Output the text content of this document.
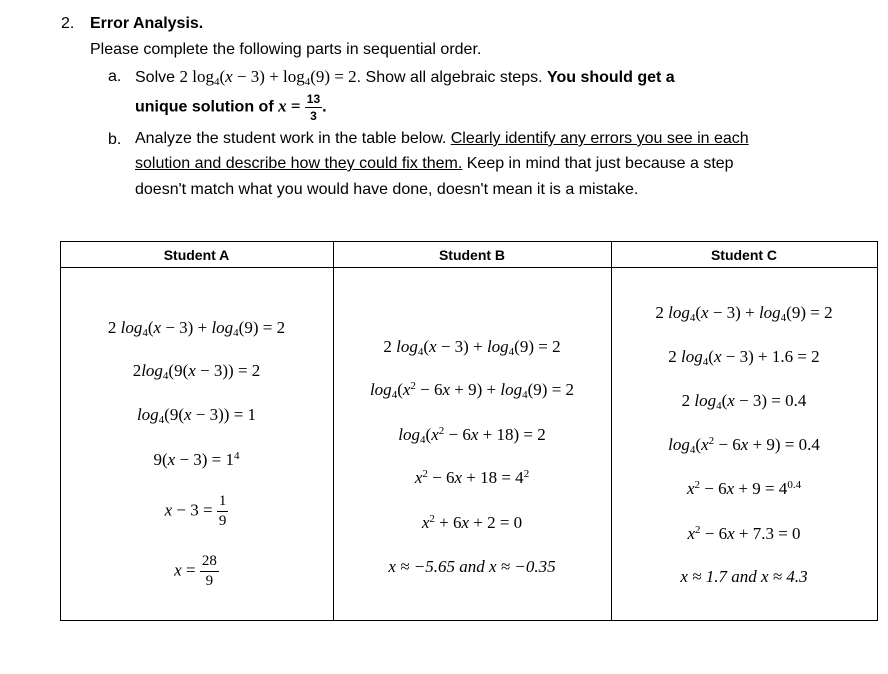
2. Error Analysis.
Please complete the following parts in sequential order.
a. Solve 2 $\log_4(x - 3) + \log_4(9) = 2$. Show all algebraic steps. You should get a
unique solution of $x = \frac{13}{3}$ .
b. Analyze the student work in the table below. Clearly identify any errors you see in each
solution and describe how they could fix them. Keep in mind that just because a step
doesn't match what you would have done, doesn't mean it is a mistake.
Student A	Student B	Student C
2 $\log_4(x - 3) + \log_4(9) = 2$
$2\log_4(9(x - 3)) = 2$
$\log_4(9(x - 3)) = 1$
$9(x - 3) = 1^4$
$x - 3 = \frac{1}{9}$
$x = \frac{28}{9}$
2 $\log_4(x - 3) + \log_4(9) = 2$
$\log_4(x^2 - 6x + 9) + \log_4(9) = 2$
$\log_4(x^2 - 6x + 18) = 2$
$x^2 - 6x + 18 = 4^2$
$x^2 + 6x + 2 = 0$
x ≈ −5.65 and x ≈ −0.35
2 $\log_4(x - 3) + \log_4(9) = 2$
2 $\log_4(x - 3) + 1.6 = 2$
2 $\log_4(x - 3) = 0.4$
$\log_4(x^2 - 6x + 9) = 0.4$
$x^2 - 6x + 9 = 4^{0.4}$
$x^2 - 6x + 7.3 = 0$
x ≈ 1.7 and x ≈ 4.3
